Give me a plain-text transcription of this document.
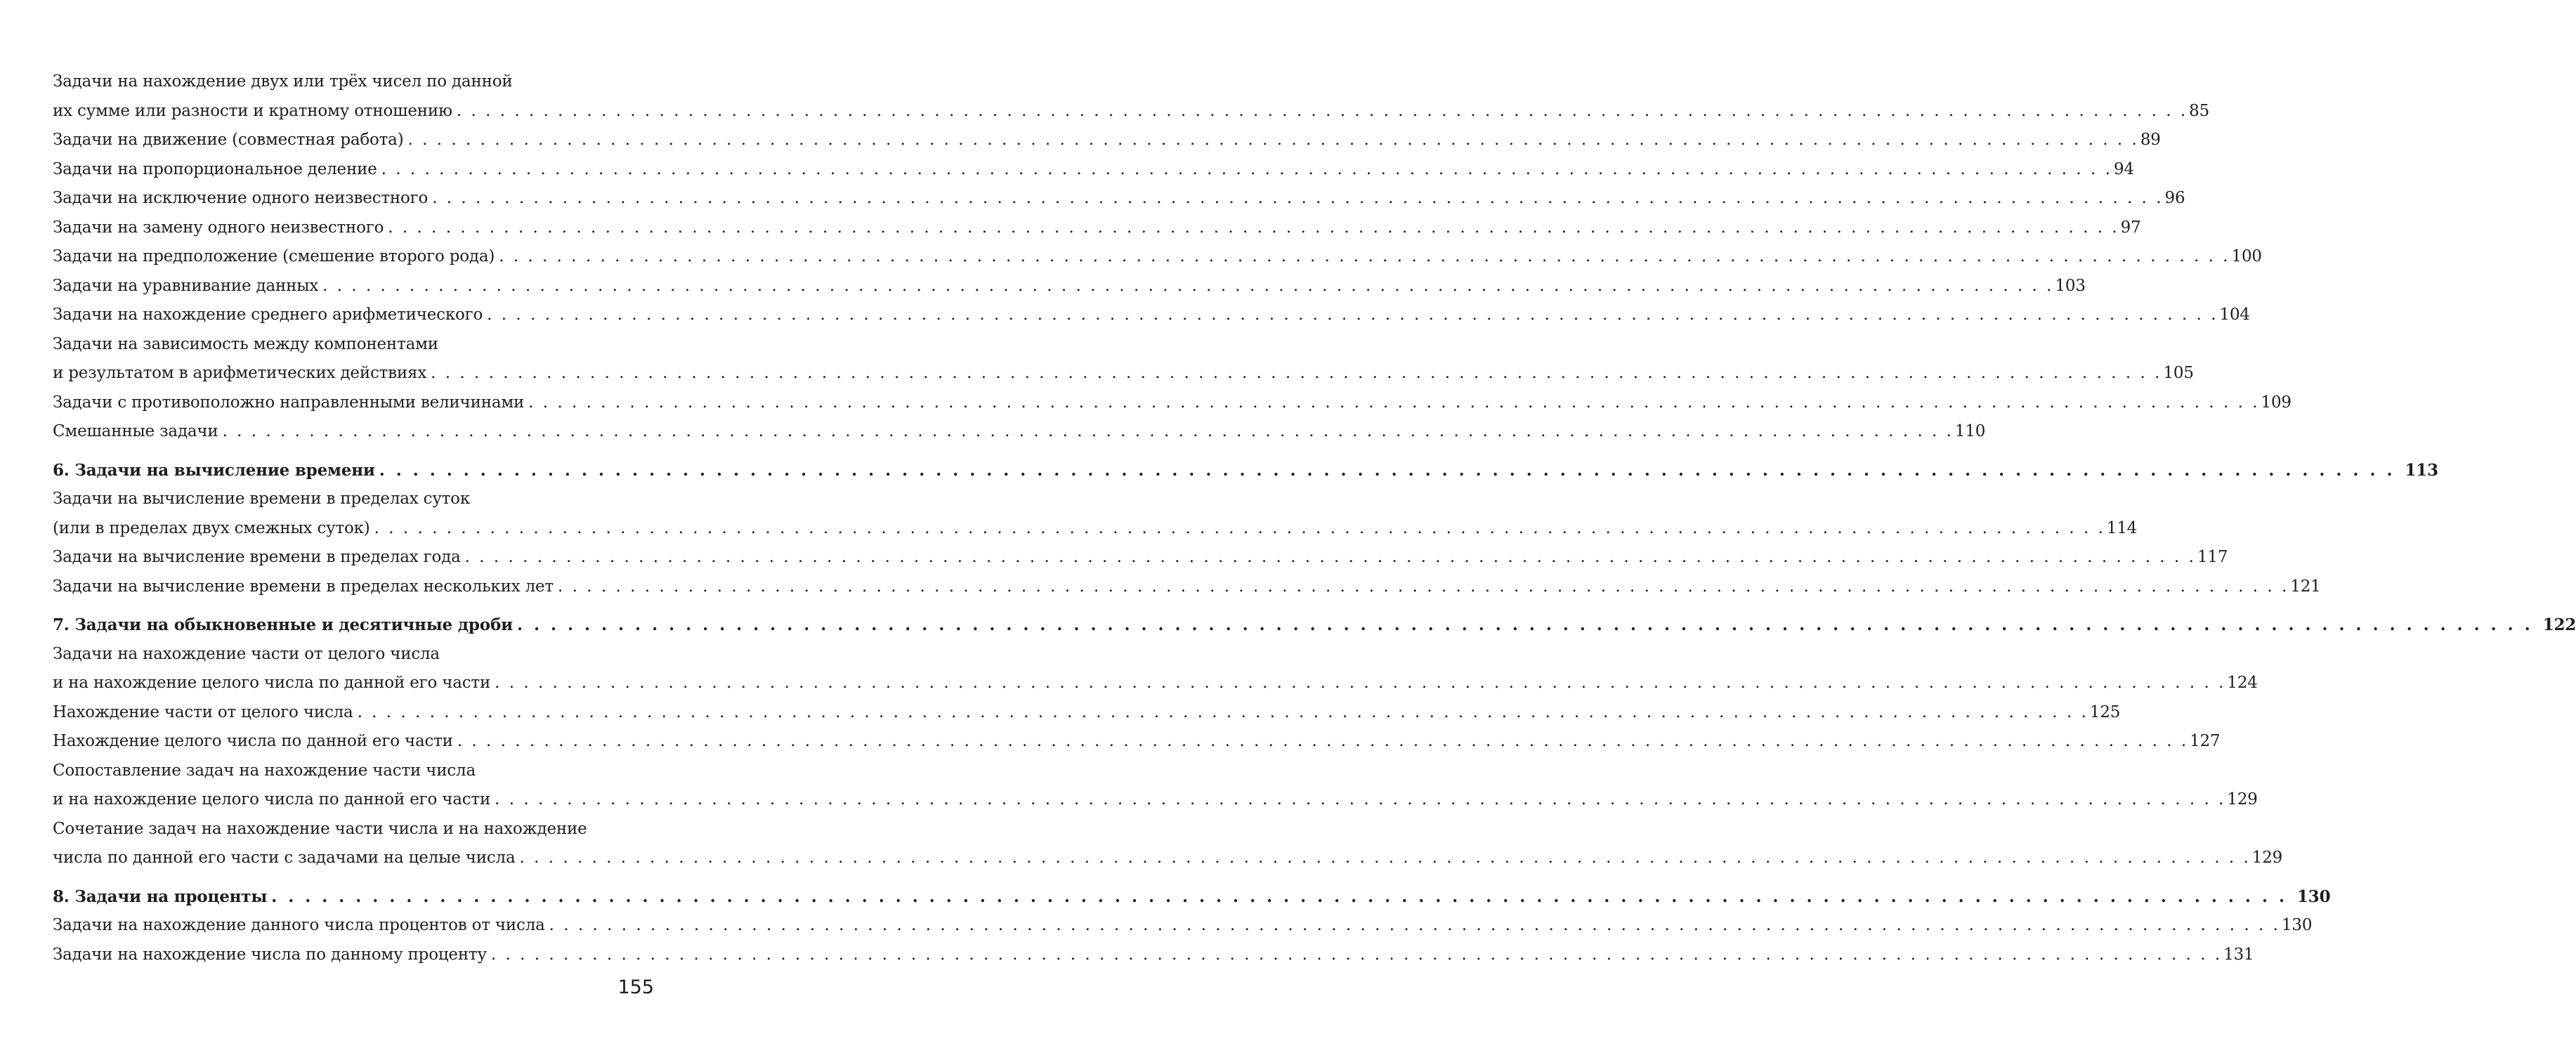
Задачи на нахождение двух или трёх чисел по данной
их сумме или разности и кратному отношению . . . . . . . . . . . . . . . . . . . . . . . . . . . . . . . . . . . . . . . . . . . . . . . . . . . . . . . . . . . . . . . . . . . . . . . . . . . . . . . . . . . . . . . . . . . . . . . . . . . . . . . . . . . . . . . . . . . . . . . . 85
Задачи на движение (совместная работа) . . . . . . . . . . . . . . . . . . . . . . . . . . . . . . . . . . . . . . . . . . . . . . . . . . . . . . . . . . . . . . . . . . . . . . . . . . . . . . . . . . . . . . . . . . . . . . . . . . . . . . . . . . . . . . . . . . . . . . . . 89
Задачи на пропорциональное деление . . . . . . . . . . . . . . . . . . . . . . . . . . . . . . . . . . . . . . . . . . . . . . . . . . . . . . . . . . . . . . . . . . . . . . . . . . . . . . . . . . . . . . . . . . . . . . . . . . . . . . . . . . . . . . . . . . . . . . . . 94
Задачи на исключение одного неизвестного . . . . . . . . . . . . . . . . . . . . . . . . . . . . . . . . . . . . . . . . . . . . . . . . . . . . . . . . . . . . . . . . . . . . . . . . . . . . . . . . . . . . . . . . . . . . . . . . . . . . . . . . . . . . . . . . . . . . . . . . 96
Задачи на замену одного неизвестного . . . . . . . . . . . . . . . . . . . . . . . . . . . . . . . . . . . . . . . . . . . . . . . . . . . . . . . . . . . . . . . . . . . . . . . . . . . . . . . . . . . . . . . . . . . . . . . . . . . . . . . . . . . . . . . . . . . . . . . . 97
Задачи на предположение (смешение второго рода) . . . . . . . . . . . . . . . . . . . . . . . . . . . . . . . . . . . . . . . . . . . . . . . . . . . . . . . . . . . . . . . . . . . . . . . . . . . . . . . . . . . . . . . . . . . . . . . . . . . . . . . . . . . . . . . . . . . . . . . . 100
Задачи на уравнивание данных . . . . . . . . . . . . . . . . . . . . . . . . . . . . . . . . . . . . . . . . . . . . . . . . . . . . . . . . . . . . . . . . . . . . . . . . . . . . . . . . . . . . . . . . . . . . . . . . . . . . . . . . . . . . . . . . . . . . . . . . 103
Задачи на нахождение среднего арифметического . . . . . . . . . . . . . . . . . . . . . . . . . . . . . . . . . . . . . . . . . . . . . . . . . . . . . . . . . . . . . . . . . . . . . . . . . . . . . . . . . . . . . . . . . . . . . . . . . . . . . . . . . . . . . . . . . . . . . . . . 104
Задачи на зависимость между компонентами
и результатом в арифметических действиях . . . . . . . . . . . . . . . . . . . . . . . . . . . . . . . . . . . . . . . . . . . . . . . . . . . . . . . . . . . . . . . . . . . . . . . . . . . . . . . . . . . . . . . . . . . . . . . . . . . . . . . . . . . . . . . . . . . . . . . . 105
Задачи с противоположно направленными величинами . . . . . . . . . . . . . . . . . . . . . . . . . . . . . . . . . . . . . . . . . . . . . . . . . . . . . . . . . . . . . . . . . . . . . . . . . . . . . . . . . . . . . . . . . . . . . . . . . . . . . . . . . . . . . . . . . . . . . . . . 109
Смешанные задачи . . . . . . . . . . . . . . . . . . . . . . . . . . . . . . . . . . . . . . . . . . . . . . . . . . . . . . . . . . . . . . . . . . . . . . . . . . . . . . . . . . . . . . . . . . . . . . . . . . . . . . . . . . . . . . . . . . . . . . . . 110
6. Задачи на вычисление времени . . . . . . . . . . . . . . . . . . . . . . . . . . . . . . . . . . . . . . . . . . . . . . . . . . . . . . . . . . . . . . . . . . . . . . . . . . . . . . . . . . . . . . . . . . . . . . . . . . . . . . . . . . . . . . . . . . . . . . . . 113
Задачи на вычисление времени в пределах суток
(или в пределах двух смежных суток) . . . . . . . . . . . . . . . . . . . . . . . . . . . . . . . . . . . . . . . . . . . . . . . . . . . . . . . . . . . . . . . . . . . . . . . . . . . . . . . . . . . . . . . . . . . . . . . . . . . . . . . . . . . . . . . . . . . . . . . . 114
Задачи на вычисление времени в пределах года . . . . . . . . . . . . . . . . . . . . . . . . . . . . . . . . . . . . . . . . . . . . . . . . . . . . . . . . . . . . . . . . . . . . . . . . . . . . . . . . . . . . . . . . . . . . . . . . . . . . . . . . . . . . . . . . . . . . . . . . 117
Задачи на вычисление времени в пределах нескольких лет . . . . . . . . . . . . . . . . . . . . . . . . . . . . . . . . . . . . . . . . . . . . . . . . . . . . . . . . . . . . . . . . . . . . . . . . . . . . . . . . . . . . . . . . . . . . . . . . . . . . . . . . . . . . . . . . . . . . . . . . 121
7. Задачи на обыкновенные и десятичные дроби . . . . . . . . . . . . . . . . . . . . . . . . . . . . . . . . . . . . . . . . . . . . . . . . . . . . . . . . . . . . . . . . . . . . . . . . . . . . . . . . . . . . . . . . . . . . . . . . . . . . . . . . . . . . . . . . . . . . . . . . 122
Задачи на нахождение части от целого числа
и на нахождение целого числа по данной его части . . . . . . . . . . . . . . . . . . . . . . . . . . . . . . . . . . . . . . . . . . . . . . . . . . . . . . . . . . . . . . . . . . . . . . . . . . . . . . . . . . . . . . . . . . . . . . . . . . . . . . . . . . . . . . . . . . . . . . . . 124
Нахождение части от целого числа . . . . . . . . . . . . . . . . . . . . . . . . . . . . . . . . . . . . . . . . . . . . . . . . . . . . . . . . . . . . . . . . . . . . . . . . . . . . . . . . . . . . . . . . . . . . . . . . . . . . . . . . . . . . . . . . . . . . . . . . 125
Нахождение целого числа по данной его части . . . . . . . . . . . . . . . . . . . . . . . . . . . . . . . . . . . . . . . . . . . . . . . . . . . . . . . . . . . . . . . . . . . . . . . . . . . . . . . . . . . . . . . . . . . . . . . . . . . . . . . . . . . . . . . . . . . . . . . . 127
Сопоставление задач на нахождение части числа
и на нахождение целого числа по данной его части . . . . . . . . . . . . . . . . . . . . . . . . . . . . . . . . . . . . . . . . . . . . . . . . . . . . . . . . . . . . . . . . . . . . . . . . . . . . . . . . . . . . . . . . . . . . . . . . . . . . . . . . . . . . . . . . . . . . . . . . 129
Сочетание задач на нахождение части числа и на нахождение
числа по данной его части с задачами на целые числа . . . . . . . . . . . . . . . . . . . . . . . . . . . . . . . . . . . . . . . . . . . . . . . . . . . . . . . . . . . . . . . . . . . . . . . . . . . . . . . . . . . . . . . . . . . . . . . . . . . . . . . . . . . . . . . . . . . . . . . . 129
8. Задачи на проценты . . . . . . . . . . . . . . . . . . . . . . . . . . . . . . . . . . . . . . . . . . . . . . . . . . . . . . . . . . . . . . . . . . . . . . . . . . . . . . . . . . . . . . . . . . . . . . . . . . . . . . . . . . . . . . . . . . . . . . . . 130
Задачи на нахождение данного числа процентов от числа . . . . . . . . . . . . . . . . . . . . . . . . . . . . . . . . . . . . . . . . . . . . . . . . . . . . . . . . . . . . . . . . . . . . . . . . . . . . . . . . . . . . . . . . . . . . . . . . . . . . . . . . . . . . . . . . . . . . . . . . 130
Задачи на нахождение числа по данному проценту . . . . . . . . . . . . . . . . . . . . . . . . . . . . . . . . . . . . . . . . . . . . . . . . . . . . . . . . . . . . . . . . . . . . . . . . . . . . . . . . . . . . . . . . . . . . . . . . . . . . . . . . . . . . . . . . . . . . . . . . 131
155
